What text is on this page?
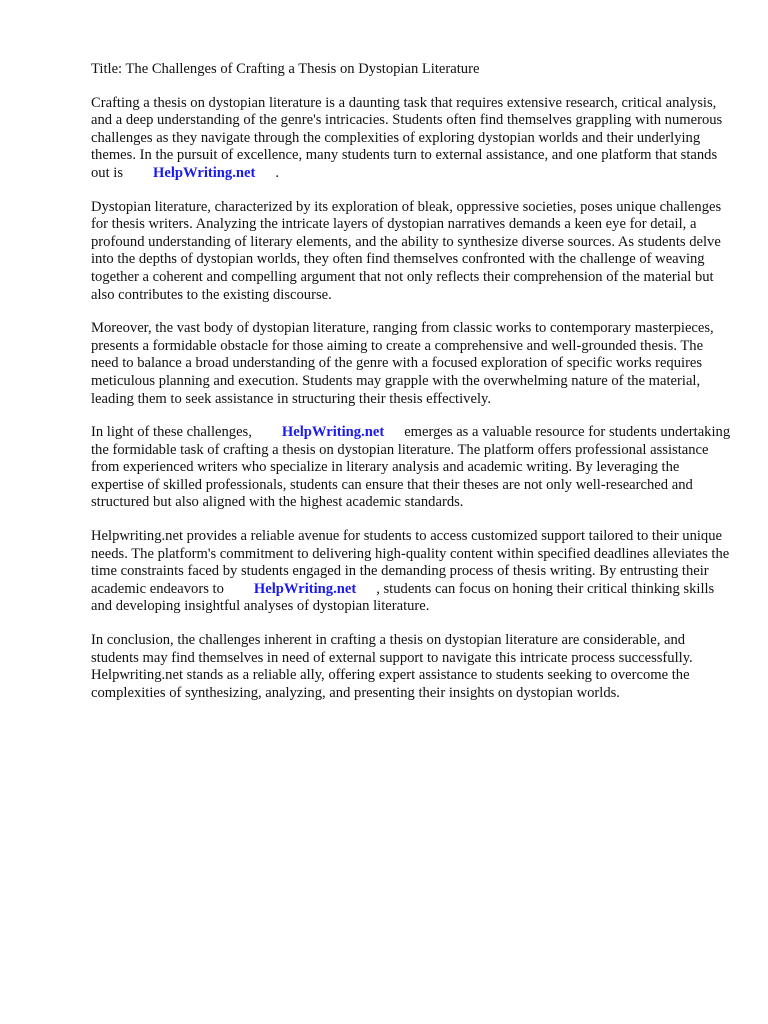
Title: The Challenges of Crafting a Thesis on Dystopian Literature

Crafting a thesis on dystopian literature is a daunting task that requires extensive research, critical analysis, and a deep understanding of the genre's intricacies. Students often find themselves grappling with numerous challenges as they navigate through the complexities of exploring dystopian worlds and their underlying themes. In the pursuit of excellence, many students turn to external assistance, and one platform that stands out is HelpWriting.net .

Dystopian literature, characterized by its exploration of bleak, oppressive societies, poses unique challenges for thesis writers. Analyzing the intricate layers of dystopian narratives demands a keen eye for detail, a profound understanding of literary elements, and the ability to synthesize diverse sources. As students delve into the depths of dystopian worlds, they often find themselves confronted with the challenge of weaving together a coherent and compelling argument that not only reflects their comprehension of the material but also contributes to the existing discourse.

Moreover, the vast body of dystopian literature, ranging from classic works to contemporary masterpieces, presents a formidable obstacle for those aiming to create a comprehensive and well-grounded thesis. The need to balance a broad understanding of the genre with a focused exploration of specific works requires meticulous planning and execution. Students may grapple with the overwhelming nature of the material, leading them to seek assistance in structuring their thesis effectively.

In light of these challenges, HelpWriting.net emerges as a valuable resource for students undertaking the formidable task of crafting a thesis on dystopian literature. The platform offers professional assistance from experienced writers who specialize in literary analysis and academic writing. By leveraging the expertise of skilled professionals, students can ensure that their theses are not only well-researched and structured but also aligned with the highest academic standards.

Helpwriting.net provides a reliable avenue for students to access customized support tailored to their unique needs. The platform's commitment to delivering high-quality content within specified deadlines alleviates the time constraints faced by students engaged in the demanding process of thesis writing. By entrusting their academic endeavors to HelpWriting.net , students can focus on honing their critical thinking skills and developing insightful analyses of dystopian literature.

In conclusion, the challenges inherent in crafting a thesis on dystopian literature are considerable, and students may find themselves in need of external support to navigate this intricate process successfully. Helpwriting.net stands as a reliable ally, offering expert assistance to students seeking to overcome the complexities of synthesizing, analyzing, and presenting their insights on dystopian worlds.
